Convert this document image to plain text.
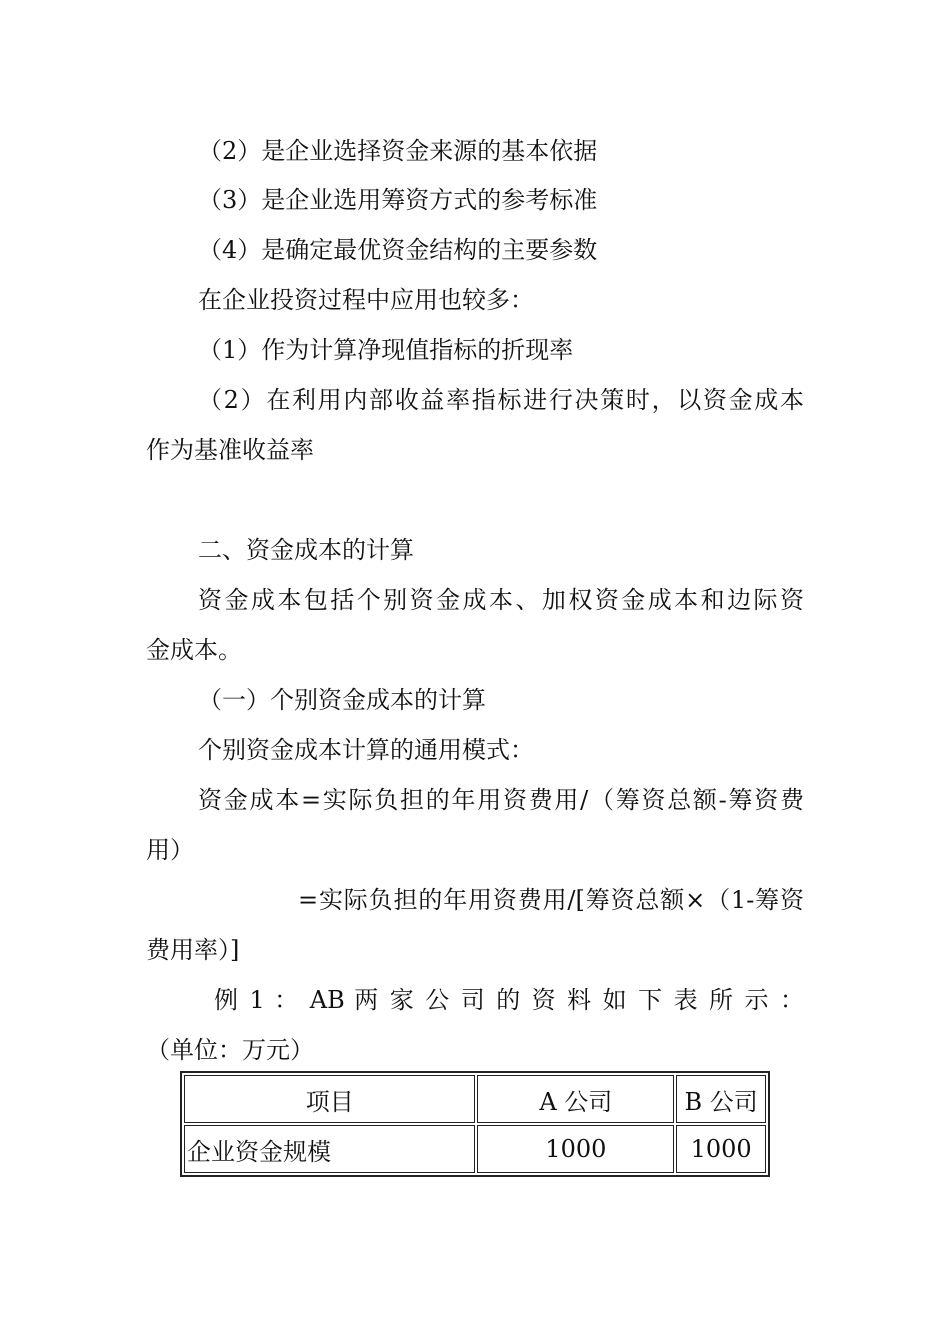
（2）是企业选择资金来源的基本依据
（3）是企业选用筹资方式的参考标准
（4）是确定最优资金结构的主要参数
在企业投资过程中应用也较多：
（1）作为计算净现值指标的折现率
（2）在利用内部收益率指标进行决策时，以资金成本
作为基准收益率
二、资金成本的计算
资金成本包括个别资金成本、加权资金成本和边际资
金成本。
（一）个别资金成本的计算
个别资金成本计算的通用模式：
资金成本=实际负担的年用资费用/（筹资总额-筹资费
用）
=实际负担的年用资费用/[筹资总额×（1-筹资
费用率）]
例 1 ： AB 两 家 公 司 的 资 料 如 下 表 所 示 ：
（单位：万元）
项目	A 公司	B 公司
企业资金规模	1000	1000
